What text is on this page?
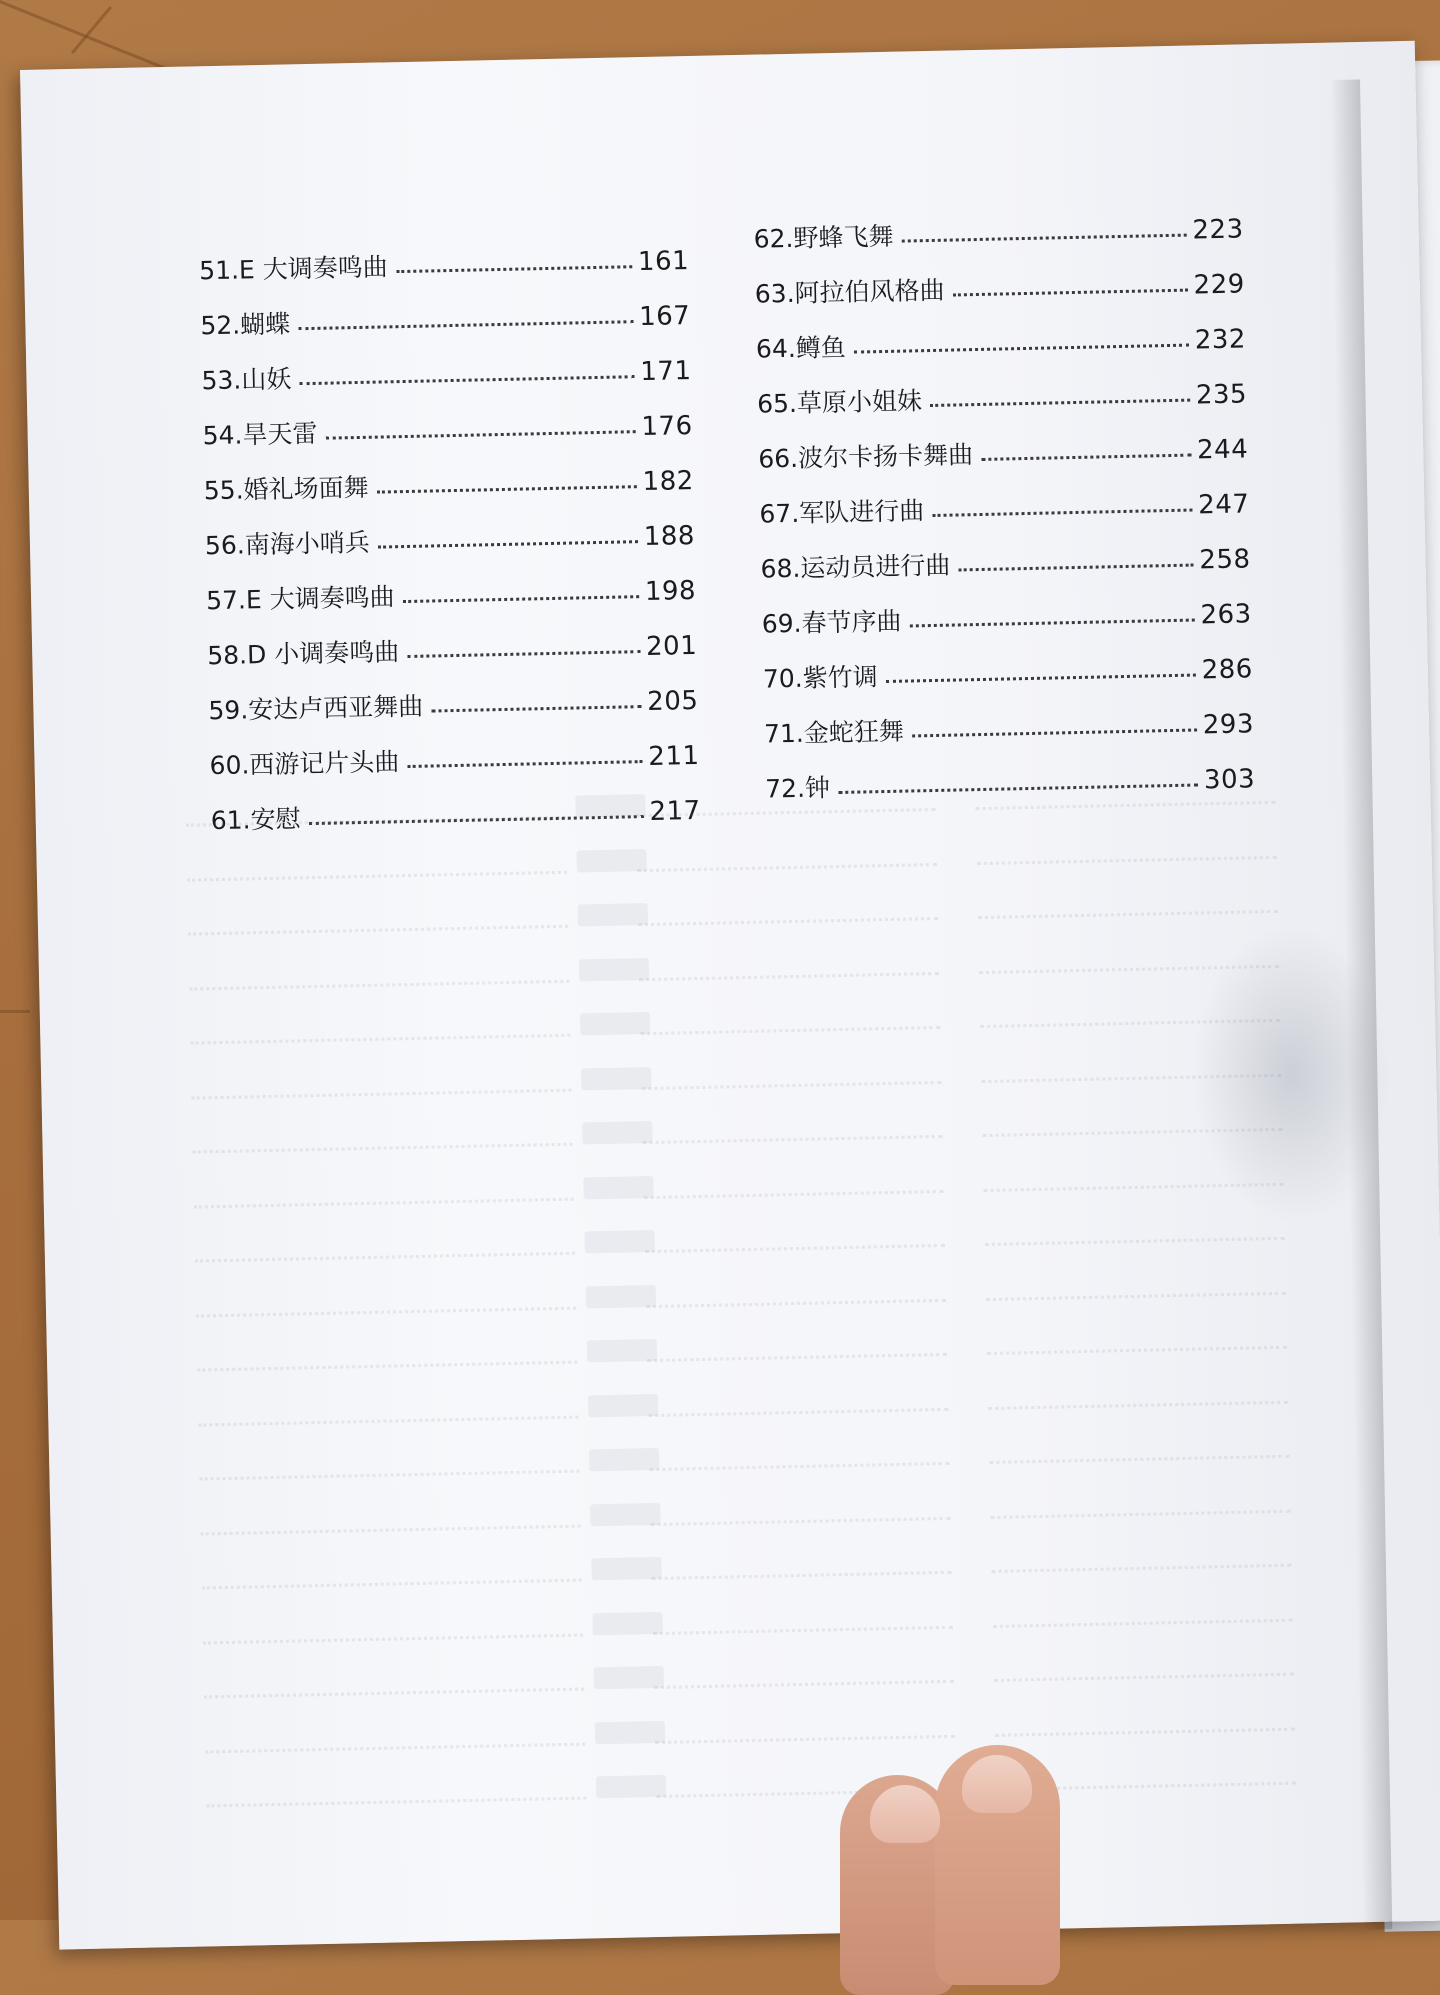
51. E 大调奏鸣曲	161
52. 蝴蝶	167
53. 山妖	171
54. 旱天雷	176
55. 婚礼场面舞	182
56. 南海小哨兵	188
57. E 大调奏鸣曲	198
58. D 小调奏鸣曲	201
59. 安达卢西亚舞曲	205
60. 西游记片头曲	211
61. 安慰	217
62. 野蜂飞舞	223
63. 阿拉伯风格曲	229
64. 鳟鱼	232
65. 草原小姐妹	235
66. 波尔卡扬卡舞曲	244
67. 军队进行曲	247
68. 运动员进行曲	258
69. 春节序曲	263
70. 紫竹调	286
71. 金蛇狂舞	293
72. 钟	303
